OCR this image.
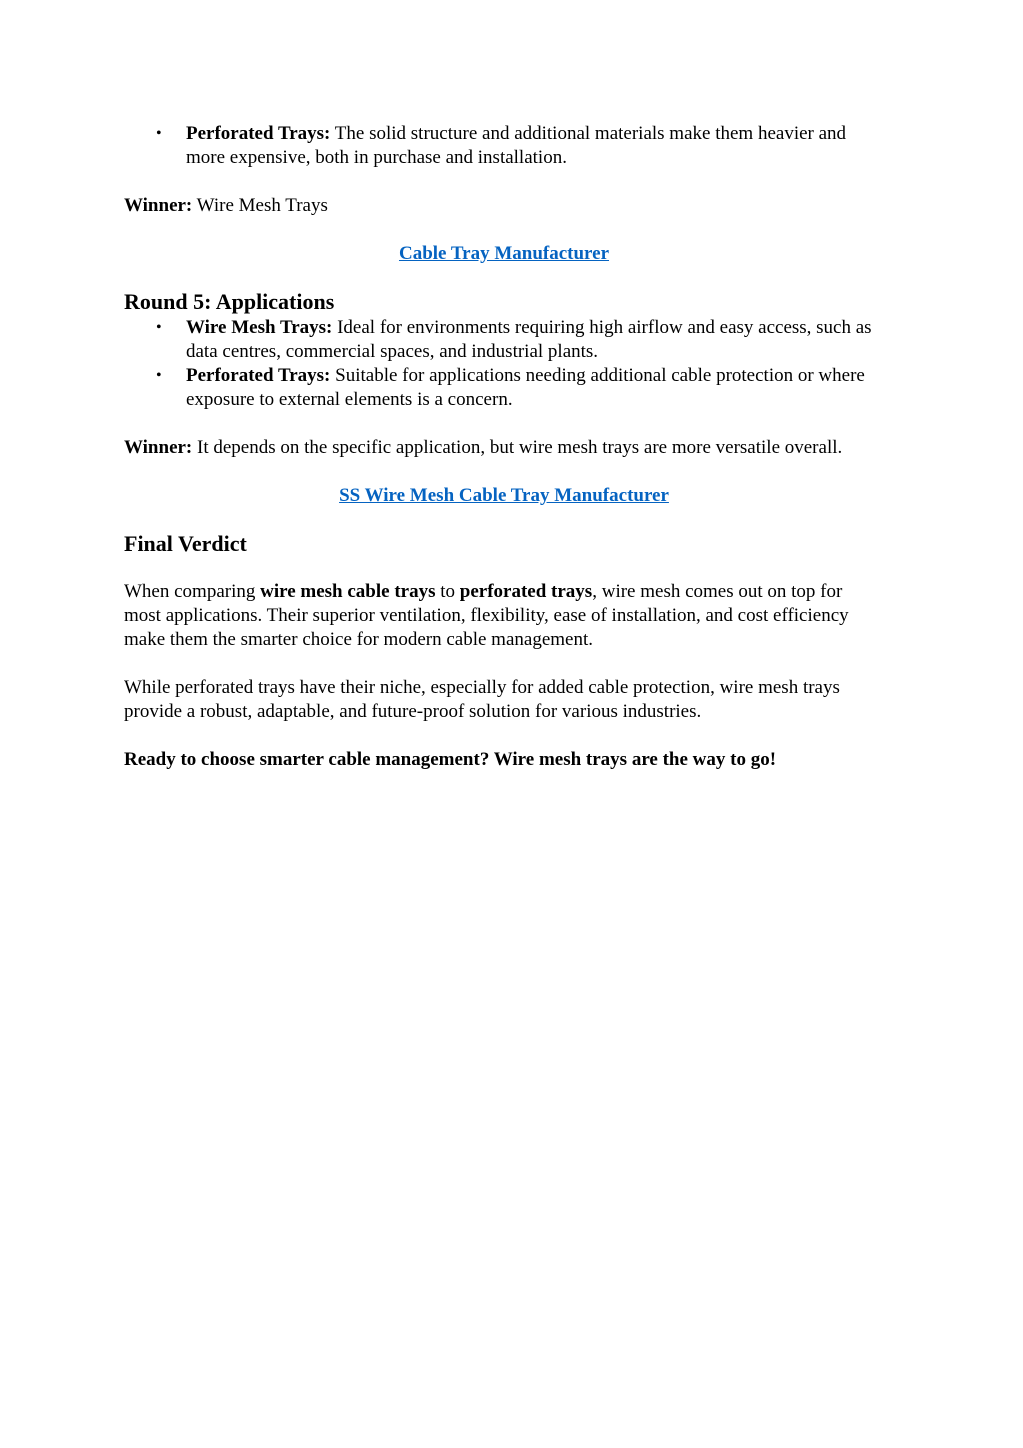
• Perforated Trays: The solid structure and additional materials make them heavier and more expensive, both in purchase and installation.

Winner: Wire Mesh Trays

Cable Tray Manufacturer

Round 5: Applications
• Wire Mesh Trays: Ideal for environments requiring high airflow and easy access, such as data centres, commercial spaces, and industrial plants.
• Perforated Trays: Suitable for applications needing additional cable protection or where exposure to external elements is a concern.

Winner: It depends on the specific application, but wire mesh trays are more versatile overall.

SS Wire Mesh Cable Tray Manufacturer

Final Verdict

When comparing wire mesh cable trays to perforated trays, wire mesh comes out on top for most applications. Their superior ventilation, flexibility, ease of installation, and cost efficiency make them the smarter choice for modern cable management.

While perforated trays have their niche, especially for added cable protection, wire mesh trays provide a robust, adaptable, and future-proof solution for various industries.

Ready to choose smarter cable management? Wire mesh trays are the way to go!
